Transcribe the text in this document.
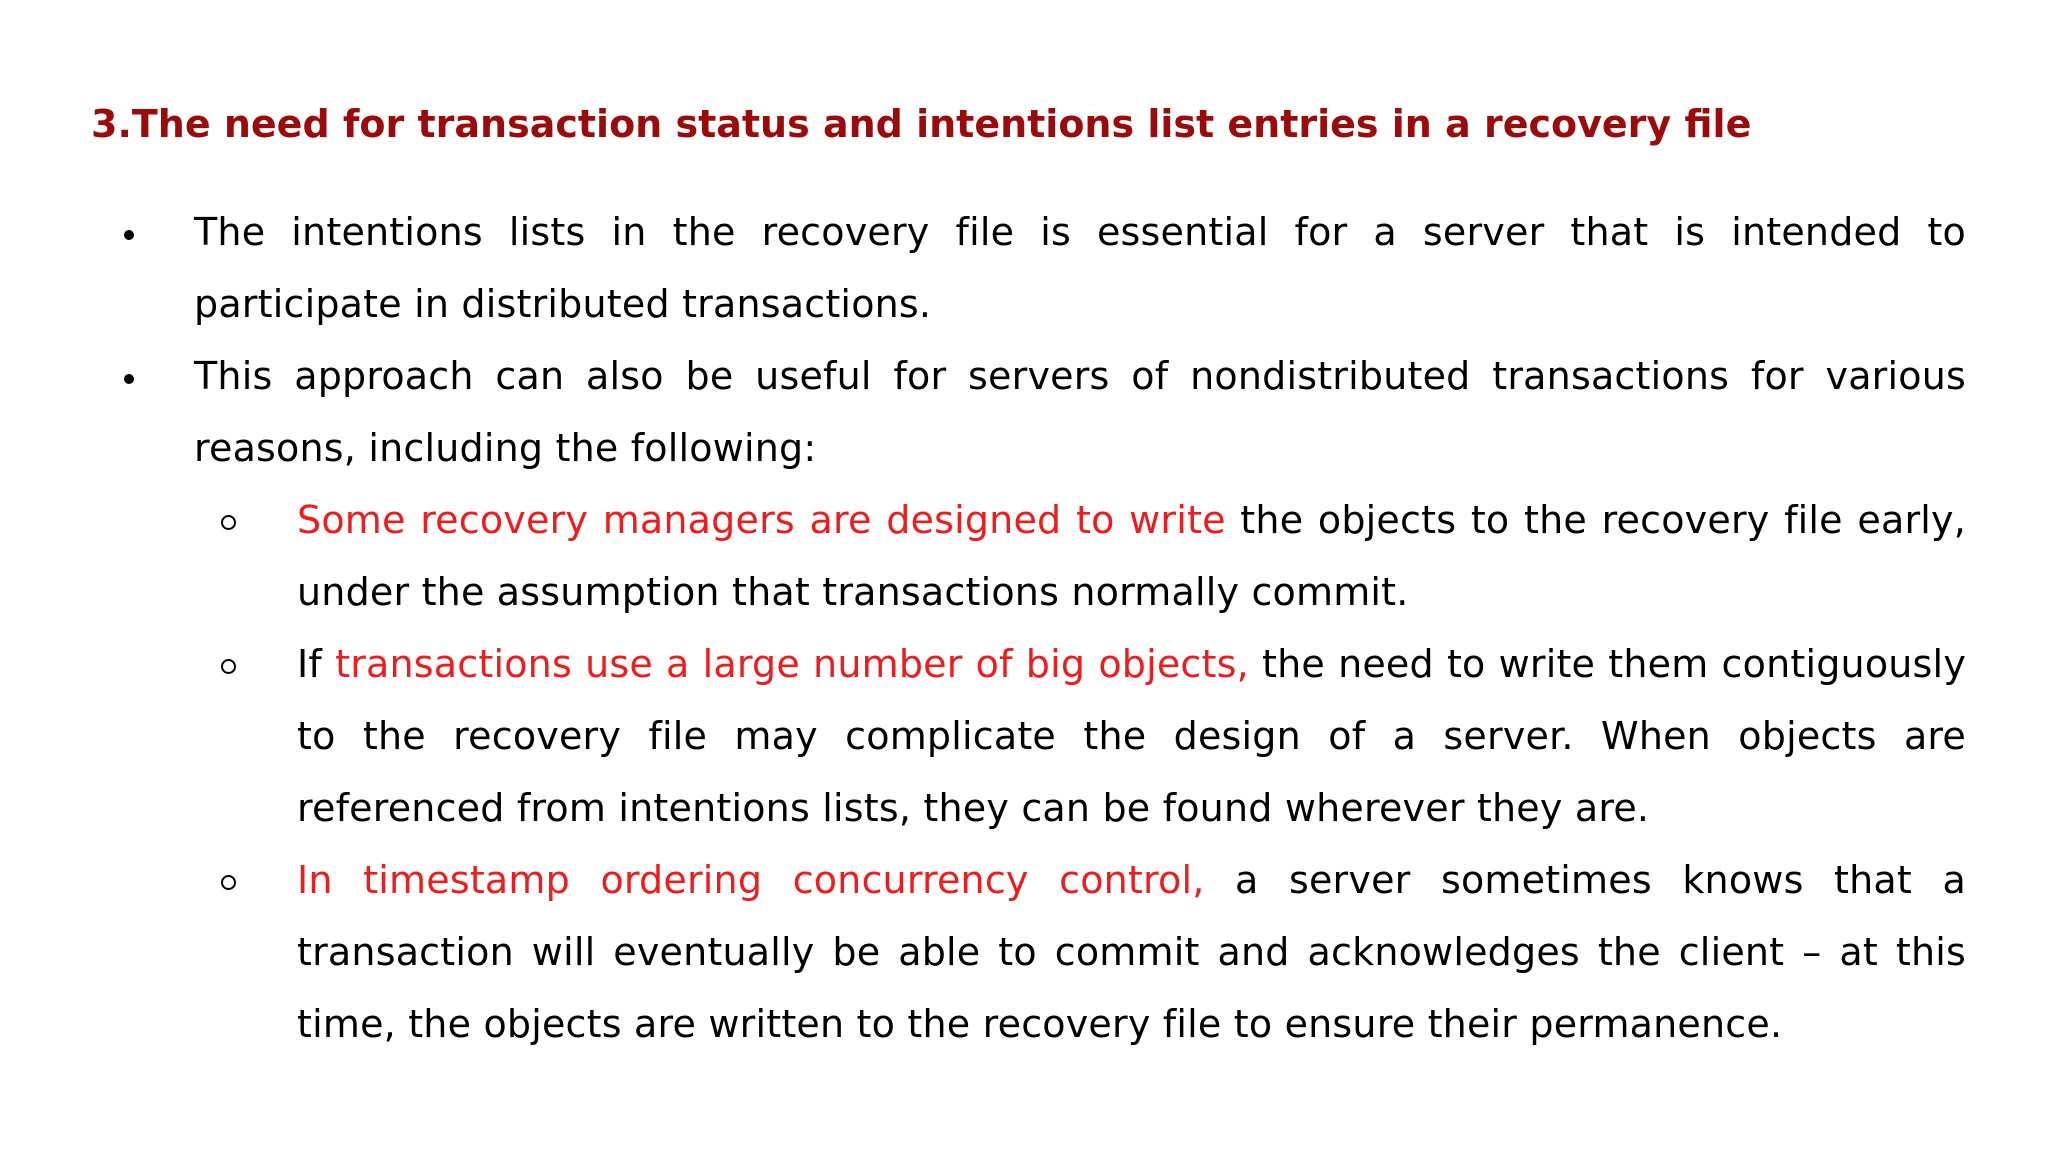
3.The need for transaction status and intentions list entries in a recovery file
The intentions lists in the recovery file is essential for a server that is intended to participate in distributed transactions.
This approach can also be useful for servers of nondistributed transactions for various reasons, including the following:
Some recovery managers are designed to write the objects to the recovery file early, under the assumption that transactions normally commit.
If transactions use a large number of big objects, the need to write them contiguously to the recovery file may complicate the design of a server. When objects are referenced from intentions lists, they can be found wherever they are.
In timestamp ordering concurrency control, a server sometimes knows that a transaction will eventually be able to commit and acknowledges the client – at this time, the objects are written to the recovery file to ensure their permanence.
